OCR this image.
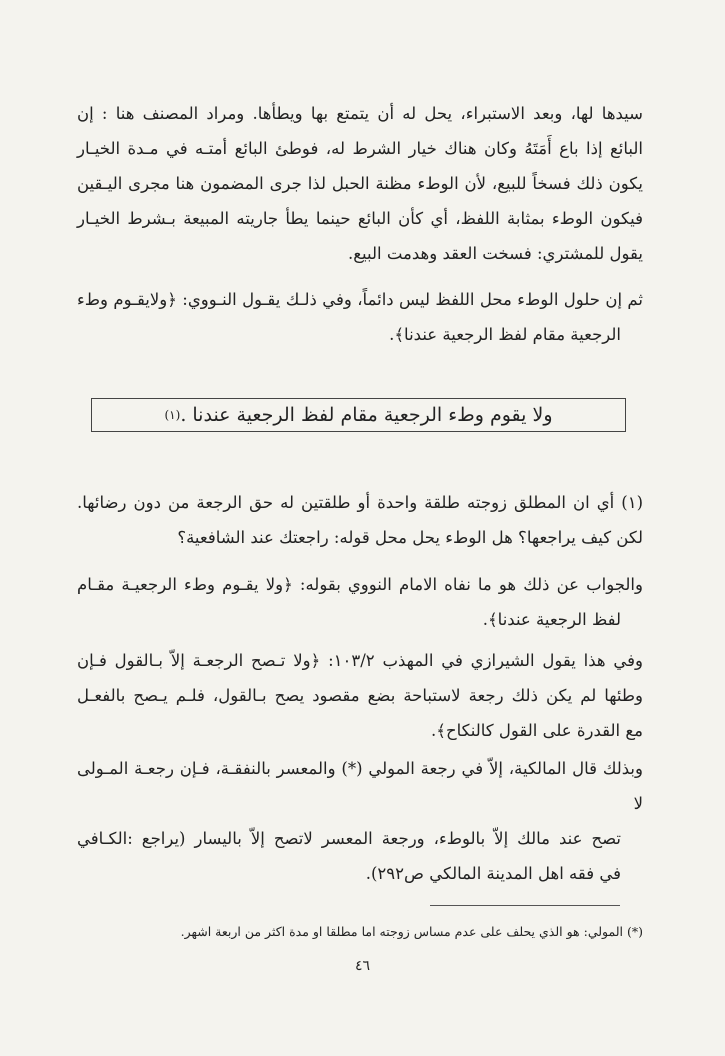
سيدها لها، وبعد الاستبراء، يحل له أن يتمتع بها ويطأها. ومراد المصنف هنا : إن
البائع إذا باع أَمَتَهُ وكان هناك خيار الشرط له، فوطئ البائع أمتـه في مـدة الخيـار
يكون ذلك فسخاً للبيع، لأن الوطء مظنة الحبل لذا جرى المضمون هنا مجرى اليـقين
فيكون الوطء بمثابة اللفظ، أي كأن البائع حينما يطأ جاريته المبيعة بـشرط الخيـار
يقول للمشتري: فسخت العقد وهدمت البيع.
ثم إن حلول الوطء محل اللفظ ليس دائماً، وفي ذلـك يقـول النـووي: ﴿ولايقـوم وطء
الرجعية مقام لفظ الرجعية عندنا﴾.
ولا يقوم وطء الرجعية مقام لفظ الرجعية عندنا .
(١)
(١) أي ان المطلق زوجته طلقة واحدة أو طلقتين له حق الرجعة من دون رضائها.
لكن كيف يراجعها؟ هل الوطء يحل محل قوله: راجعتك عند الشافعية؟
والجواب عن ذلك هو ما نفاه الامام النووي بقوله: ﴿ولا يقـوم وطء الرجعيـة مقـام
لفظ الرجعية عندنا﴾.
وفي هذا يقول الشيرازي في المهذب ١٠٣/٢: ﴿ولا تـصح الرجعـة إلاّ بـالقول فـإن
وطئها لم يكن ذلك رجعة لاستباحة بضع مقصود يصح بـالقول، فلـم يـصح بالفعـل
مع القدرة على القول كالنكاح﴾.
وبذلك قال المالكية، إلاّ في رجعة المولي (*) والمعسر بالنفقـة، فـإن رجعـة المـولى لا
تصح عند مالك إلاّ بالوطء، ورجعة المعسر لاتصح إلاّ باليسار (يراجع :الكـافي
في فقه اهل المدينة المالكي ص٢٩٢).
(*) المولي: هو الذي يحلف على عدم مساس زوجته اما مطلقا او مدة اكثر من اربعة اشهر.
٤٦
